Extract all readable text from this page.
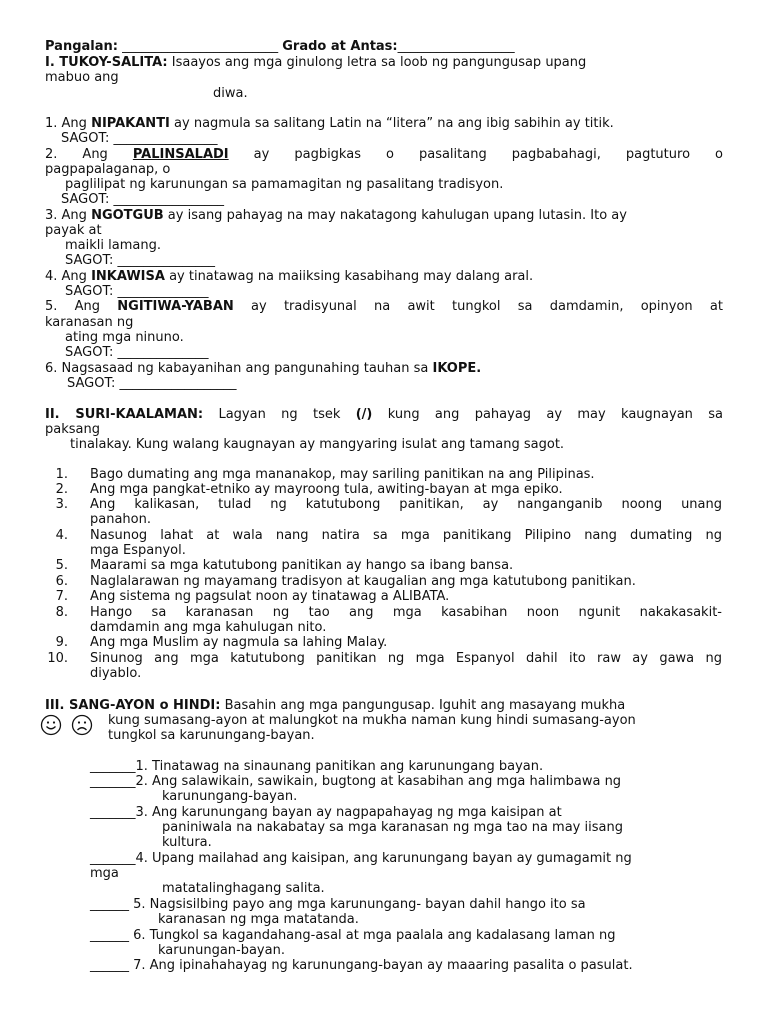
Pangalan: ________________________ Grado at Antas:__________________
I. TUKOY-SALITA: Isaayos ang mga ginulong letra sa loob ng pangungusap upang
mabuo ang
diwa.
1. Ang NIPAKANTI ay nagmula sa salitang Latin na “litera” na ang ibig sabihin ay titik.
SAGOT: ________________
2. Ang PALINSALADI ay pagbigkas o pasalitang pagbabahagi, pagtuturo o
pagpapalaganap, o
paglilipat ng karunungan sa pamamagitan ng pasalitang tradisyon.
SAGOT: _________________
3. Ang NGOTGUB ay isang pahayag na may nakatagong kahulugan upang lutasin. Ito ay
payak at
maikli lamang.
SAGOT: _______________
4. Ang INKAWISA ay tinatawag na maiiksing kasabihang may dalang aral.
SAGOT: ______________
5. Ang NGITIWA-YABAN ay tradisyunal na awit tungkol sa damdamin, opinyon at
karanasan ng
ating mga ninuno.
SAGOT: ______________
6. Nagsasaad ng kabayanihan ang pangunahing tauhan sa IKOPE.
SAGOT: __________________
II. SURI-KAALAMAN: Lagyan ng tsek (/) kung ang pahayag ay may kaugnayan sa
paksang
tinalakay. Kung walang kaugnayan ay mangyaring isulat ang tamang sagot.
1. Bago dumating ang mga mananakop, may sariling panitikan na ang Pilipinas.
2. Ang mga pangkat-etniko ay mayroong tula, awiting-bayan at mga epiko.
3. Ang kalikasan, tulad ng katutubong panitikan, ay nanganganib noong unang
panahon.
4. Nasunog lahat at wala nang natira sa mga panitikang Pilipino nang dumating ng
mga Espanyol.
5. Maarami sa mga katutubong panitikan ay hango sa ibang bansa.
6. Naglalarawan ng mayamang tradisyon at kaugalian ang mga katutubong panitikan.
7. Ang sistema ng pagsulat noon ay tinatawag a ALIBATA.
8. Hango sa karanasan ng tao ang mga kasabihan noon ngunit nakakasakit-
damdamin ang mga kahulugan nito.
9. Ang mga Muslim ay nagmula sa lahing Malay.
10. Sinunog ang mga katutubong panitikan ng mga Espanyol dahil ito raw ay gawa ng
diyablo.
III. SANG-AYON o HINDI: Basahin ang mga pangungusap. Iguhit ang masayang mukha
kung sumasang-ayon at malungkot na mukha naman kung hindi sumasang-ayon
tungkol sa karunungang-bayan.
_______1. Tinatawag na sinaunang panitikan ang karunungang bayan.
_______2. Ang salawikain, sawikain, bugtong at kasabihan ang mga halimbawa ng
karunungang-bayan.
_______3. Ang karunungang bayan ay nagpapahayag ng mga kaisipan at
paniniwala na nakabatay sa mga karanasan ng mga tao na may iisang
kultura.
_______4. Upang mailahad ang kaisipan, ang karunungang bayan ay gumagamit ng
mga
matatalinghagang salita.
______ 5. Nagsisilbing payo ang mga karunungang- bayan dahil hango ito sa
karanasan ng mga matatanda.
______ 6. Tungkol sa kagandahang-asal at mga paalala ang kadalasang laman ng
karunungan-bayan.
______ 7. Ang ipinahahayag ng karunungang-bayan ay maaaring pasalita o pasulat.
